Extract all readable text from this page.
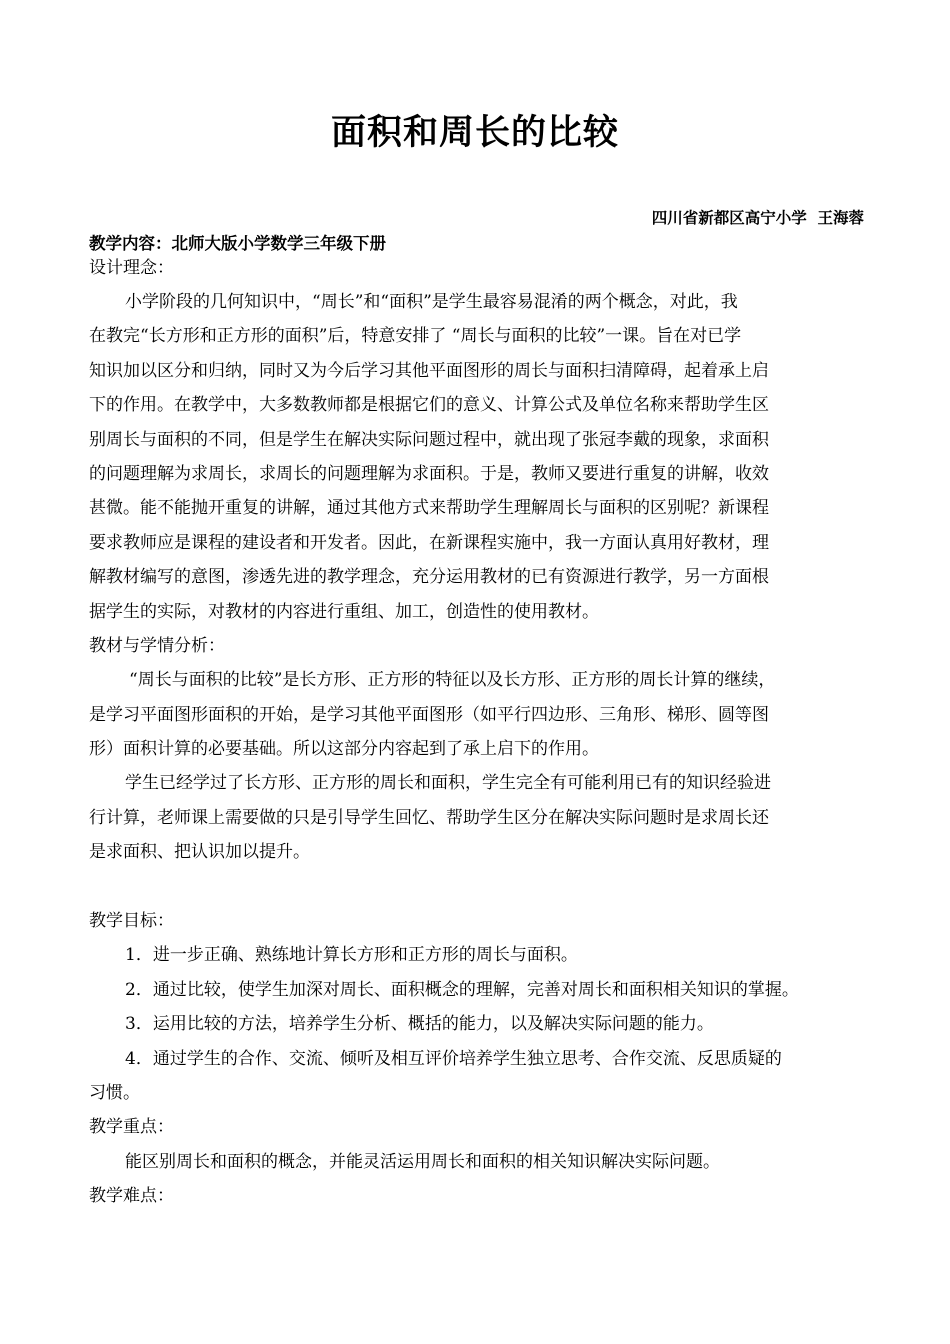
面积和周长的比较
四川省新都区高宁小学  王海蓉
教学内容：北师大版小学数学三年级下册
设计理念：
小学阶段的几何知识中，“周长”和“面积”是学生最容易混淆的两个概念，对此，我
在教完“长方形和正方形的面积”后，特意安排了 “周长与面积的比较”一课。旨在对已学
知识加以区分和归纳，同时又为今后学习其他平面图形的周长与面积扫清障碍，起着承上启
下的作用。在教学中，大多数教师都是根据它们的意义、计算公式及单位名称来帮助学生区
别周长与面积的不同，但是学生在解决实际问题过程中，就出现了张冠李戴的现象，求面积
的问题理解为求周长，求周长的问题理解为求面积。于是，教师又要进行重复的讲解，收效
甚微。能不能抛开重复的讲解，通过其他方式来帮助学生理解周长与面积的区别呢？新课程
要求教师应是课程的建设者和开发者。因此，在新课程实施中，我一方面认真用好教材，理
解教材编写的意图，渗透先进的教学理念，充分运用教材的已有资源进行教学，另一方面根
据学生的实际，对教材的内容进行重组、加工，创造性的使用教材。
教材与学情分析：
“周长与面积的比较”是长方形、正方形的特征以及长方形、正方形的周长计算的继续，
是学习平面图形面积的开始，是学习其他平面图形（如平行四边形、三角形、梯形、圆等图
形）面积计算的必要基础。所以这部分内容起到了承上启下的作用。
学生已经学过了长方形、正方形的周长和面积，学生完全有可能利用已有的知识经验进
行计算，老师课上需要做的只是引导学生回忆、帮助学生区分在解决实际问题时是求周长还
是求面积、把认识加以提升。
教学目标：
1．进一步正确、熟练地计算长方形和正方形的周长与面积。
2．通过比较，使学生加深对周长、面积概念的理解，完善对周长和面积相关知识的掌握。
3．运用比较的方法，培养学生分析、概括的能力，以及解决实际问题的能力。
4．通过学生的合作、交流、倾听及相互评价培养学生独立思考、合作交流、反思质疑的
习惯。
教学重点：
能区别周长和面积的概念，并能灵活运用周长和面积的相关知识解决实际问题。
教学难点：
